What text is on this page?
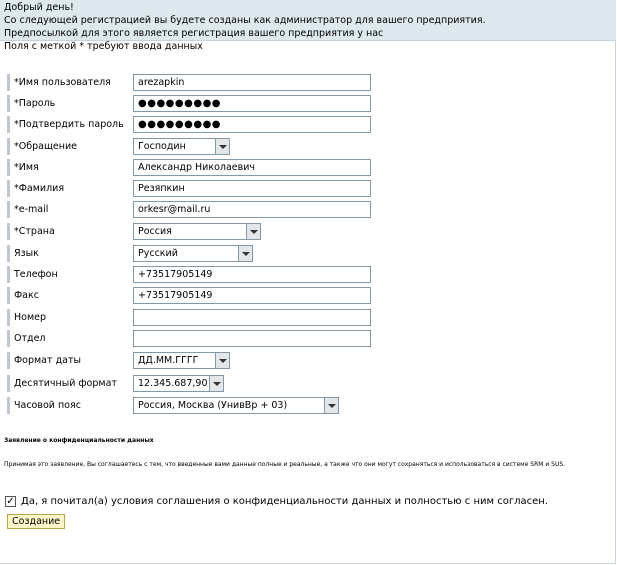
Добрый день!
Со следующей регистрацией вы будете созданы как администратор для вашего предприятия.
Предпосылкой для этого является регистрация вашего предприятия у нас
Поля с меткой * требуют ввода данных
*Имя пользователя	arezapkin
*Пароль	●●●●●●●●●
*Подтвердить пароль	●●●●●●●●●
*Обращение	Господин
*Имя	Александр Николаевич
*Фамилия	Резяпкин
*e-mail	orkesr@mail.ru
*Страна	Россия
Язык	Русский
Телефон	+73517905149
Факс	+73517905149
Номер
Отдел
Формат даты	ДД.ММ.ГГГГ
Десятичный формат	12.345.687,90
Часовой пояс	Россия, Москва (УнивВр + 03)
Заявление о конфиденциальности данных
Принимая это заявление, Вы соглашаетесь с тем, что введенные вами данные полные и реальные, а также что они могут сохраняться и использоваться в системе SRM и SUS.
✓ Да, я почитал(а) условия соглашения о конфиденциальности данных и полностью с ним согласен.
Создание
